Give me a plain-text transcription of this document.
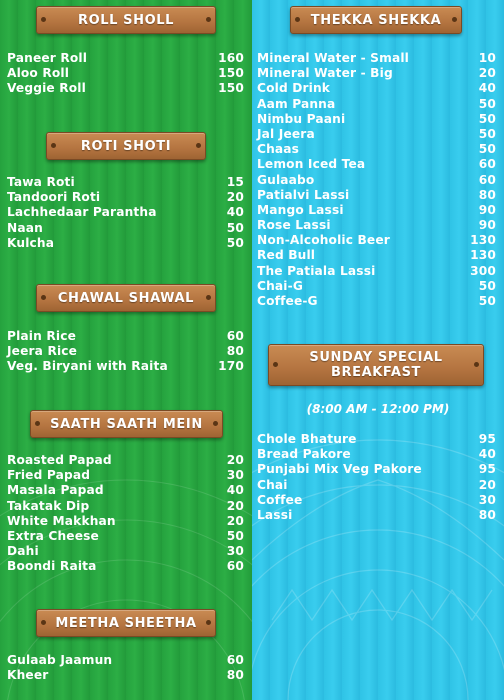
ROLL SHOLL
Paneer Roll	160
Aloo Roll	150
Veggie Roll	150
ROTI SHOTI
Tawa Roti	15
Tandoori Roti	20
Lachhedaar Parantha	40
Naan	50
Kulcha	50
CHAWAL SHAWAL
Plain Rice	60
Jeera Rice	80
Veg. Biryani with Raita	170
SAATH SAATH MEIN
Roasted Papad	20
Fried Papad	30
Masala Papad	40
Takatak Dip	20
White Makkhan	20
Extra Cheese	50
Dahi	30
Boondi Raita	60
MEETHA SHEETHA
Gulaab Jaamun	60
Kheer	80
THEKKA SHEKKA
Mineral Water - Small	10
Mineral Water - Big	20
Cold Drink	40
Aam Panna	50
Nimbu Paani	50
Jal Jeera	50
Chaas	50
Lemon Iced Tea	60
Gulaabo	60
Patialvi Lassi	80
Mango Lassi	90
Rose Lassi	90
Non-Alcoholic Beer	130
Red Bull	130
The Patiala Lassi	300
Chai-G	50
Coffee-G	50
SUNDAY SPECIAL
BREAKFAST
(8:00 AM - 12:00 PM)
Chole Bhature	95
Bread Pakore	40
Punjabi Mix Veg Pakore	95
Chai	20
Coffee	30
Lassi	80
